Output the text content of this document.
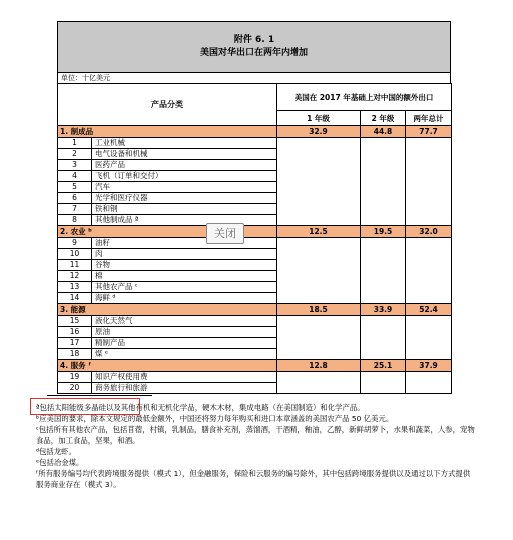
附件 6. 1
美国对华出口在两年内增加
单位：十亿美元
产品分类		美国在 2017 年基础上对中国的额外出口		
		1 年级	2 年级	两年总计
1. 制成品		32.9	44.8	77.7
1	工业机械			
2	电气设备和机械			
3	医药产品			
4	飞机（订单和交付）			
5	汽车			
6	光学和医疗仪器			
7	铁和钢			
8	其他制成品 ª			
2. 农业 ᵇ		12.5	19.5	32.0
9	油籽			
10	肉			
11	谷物			
12	棉			
13	其他农产品 ᶜ			
14	海鲜 ᵈ			
3. 能源		18.5	33.9	52.4
15	液化天然气			
16	原油			
17	精制产品			
18	煤 ᵉ			
4. 服务 ᶠ		12.8	25.1	37.9
19	知识产权使用费			
20	商务旅行和旅游			
关闭

ª包括太阳能级多晶硅以及其他有机和无机化学品，硬木木材，集成电路（在美国制造）和化学产品。

ᵇ应美国的要求，除本文规定的最低金额外，中国还将努力每年购买和进口本章涵盖的美国农产品 50 亿美元。

ᶜ包括所有其他农产品，包括苜蓿，村镇，乳制品，膳食补充剂，蒸馏酒，干酒精，釉油，乙醇，新鲜胡萝卜，水果和蔬菜，人参，宠物食品，加工食品，坚果，和酒。

ᵈ包括龙虾。

ᵉ包括冶金煤。

ᶠ所有服务编号均代表跨境服务提供（模式 1），但金融服务，保险和云服务的编号除外，其中包括跨境服务提供以及通过以下方式提供服务商业存在（模式 3）。
